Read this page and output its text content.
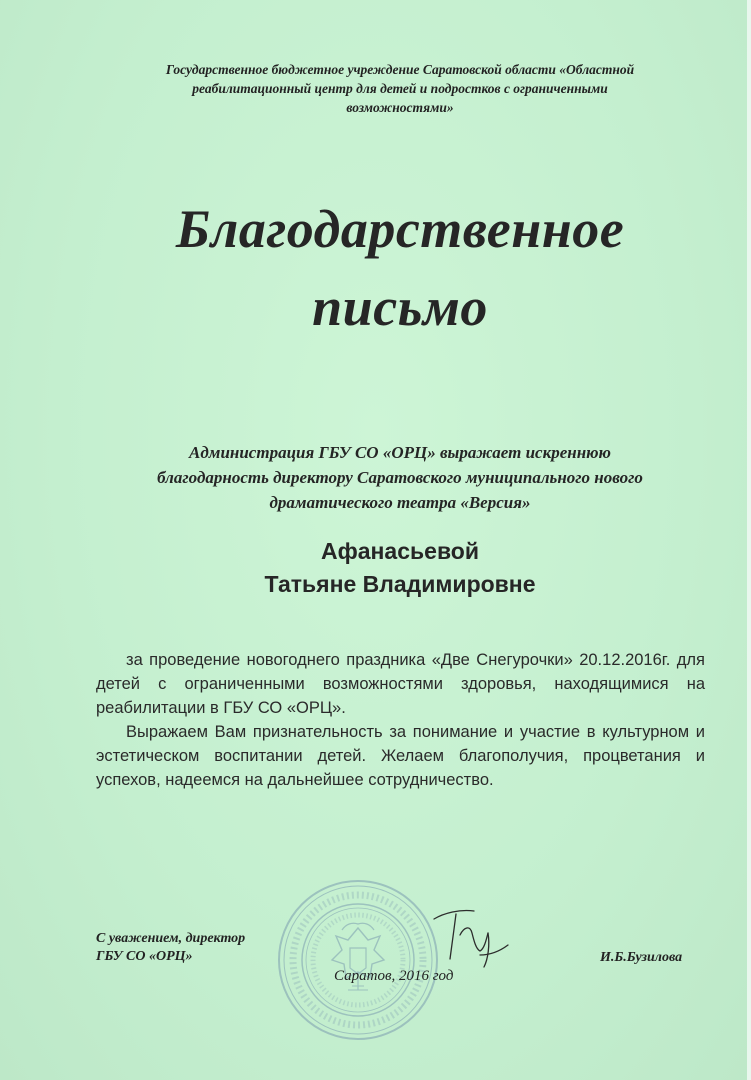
Государственное бюджетное учреждение Саратовской области «Областной
реабилитационный центр для детей и подростков с ограниченными
возможностями»
Благодарственное
письмо
Администрация ГБУ СО «ОРЦ» выражает искреннюю
благодарность директору Саратовского муниципального нового
драматического театра «Версия»
Афанасьевой
Татьяне Владимировне

за проведение новогоднего праздника «Две Снегурочки» 20.12.2016г. для детей с ограниченными возможностями здоровья, находящимися на реабилитации в ГБУ СО «ОРЦ».

Выражаем Вам признательность за понимание и участие в культурном и эстетическом воспитании детей. Желаем благополучия, процветания и успехов, надеемся на дальнейшее сотрудничество.

С уважением, директор
ГБУ СО «ОРЦ»
Саратов, 2016 год
И.Б.Бузилова
